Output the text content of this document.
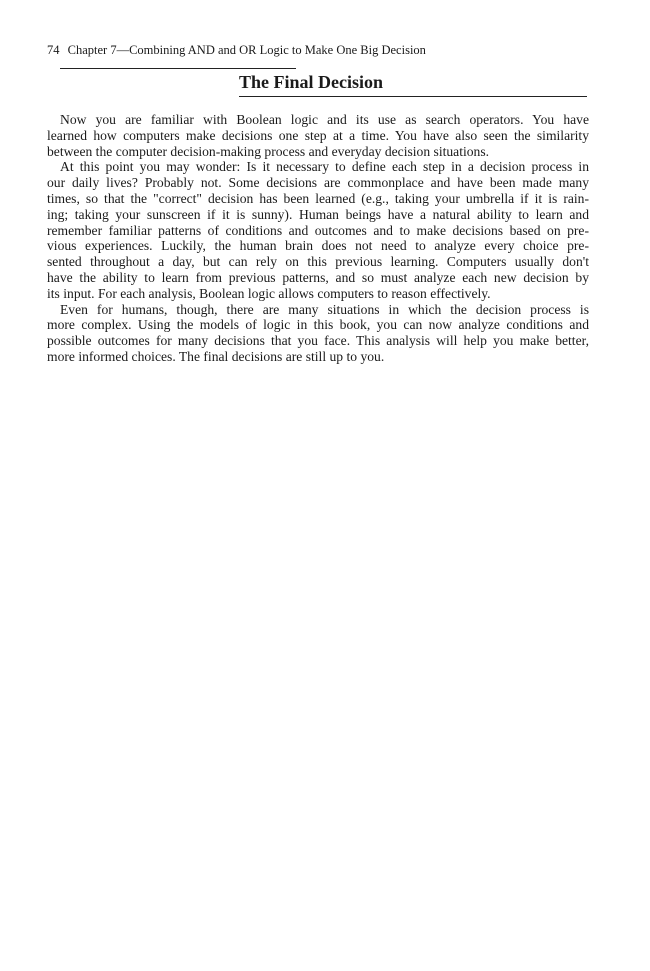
74 Chapter 7—Combining AND and OR Logic to Make One Big Decision
The Final Decision
Now you are familiar with Boolean logic and its use as search operators. You have
learned how computers make decisions one step at a time. You have also seen the similarity
between the computer decision-making process and everyday decision situations.
At this point you may wonder: Is it necessary to define each step in a decision process in
our daily lives? Probably not. Some decisions are commonplace and have been made many
times, so that the "correct" decision has been learned (e.g., taking your umbrella if it is rain-
ing; taking your sunscreen if it is sunny). Human beings have a natural ability to learn and
remember familiar patterns of conditions and outcomes and to make decisions based on pre-
vious experiences. Luckily, the human brain does not need to analyze every choice pre-
sented throughout a day, but can rely on this previous learning. Computers usually don't
have the ability to learn from previous patterns, and so must analyze each new decision by
its input. For each analysis, Boolean logic allows computers to reason effectively.
Even for humans, though, there are many situations in which the decision process is
more complex. Using the models of logic in this book, you can now analyze conditions and
possible outcomes for many decisions that you face. This analysis will help you make better,
more informed choices. The final decisions are still up to you.
